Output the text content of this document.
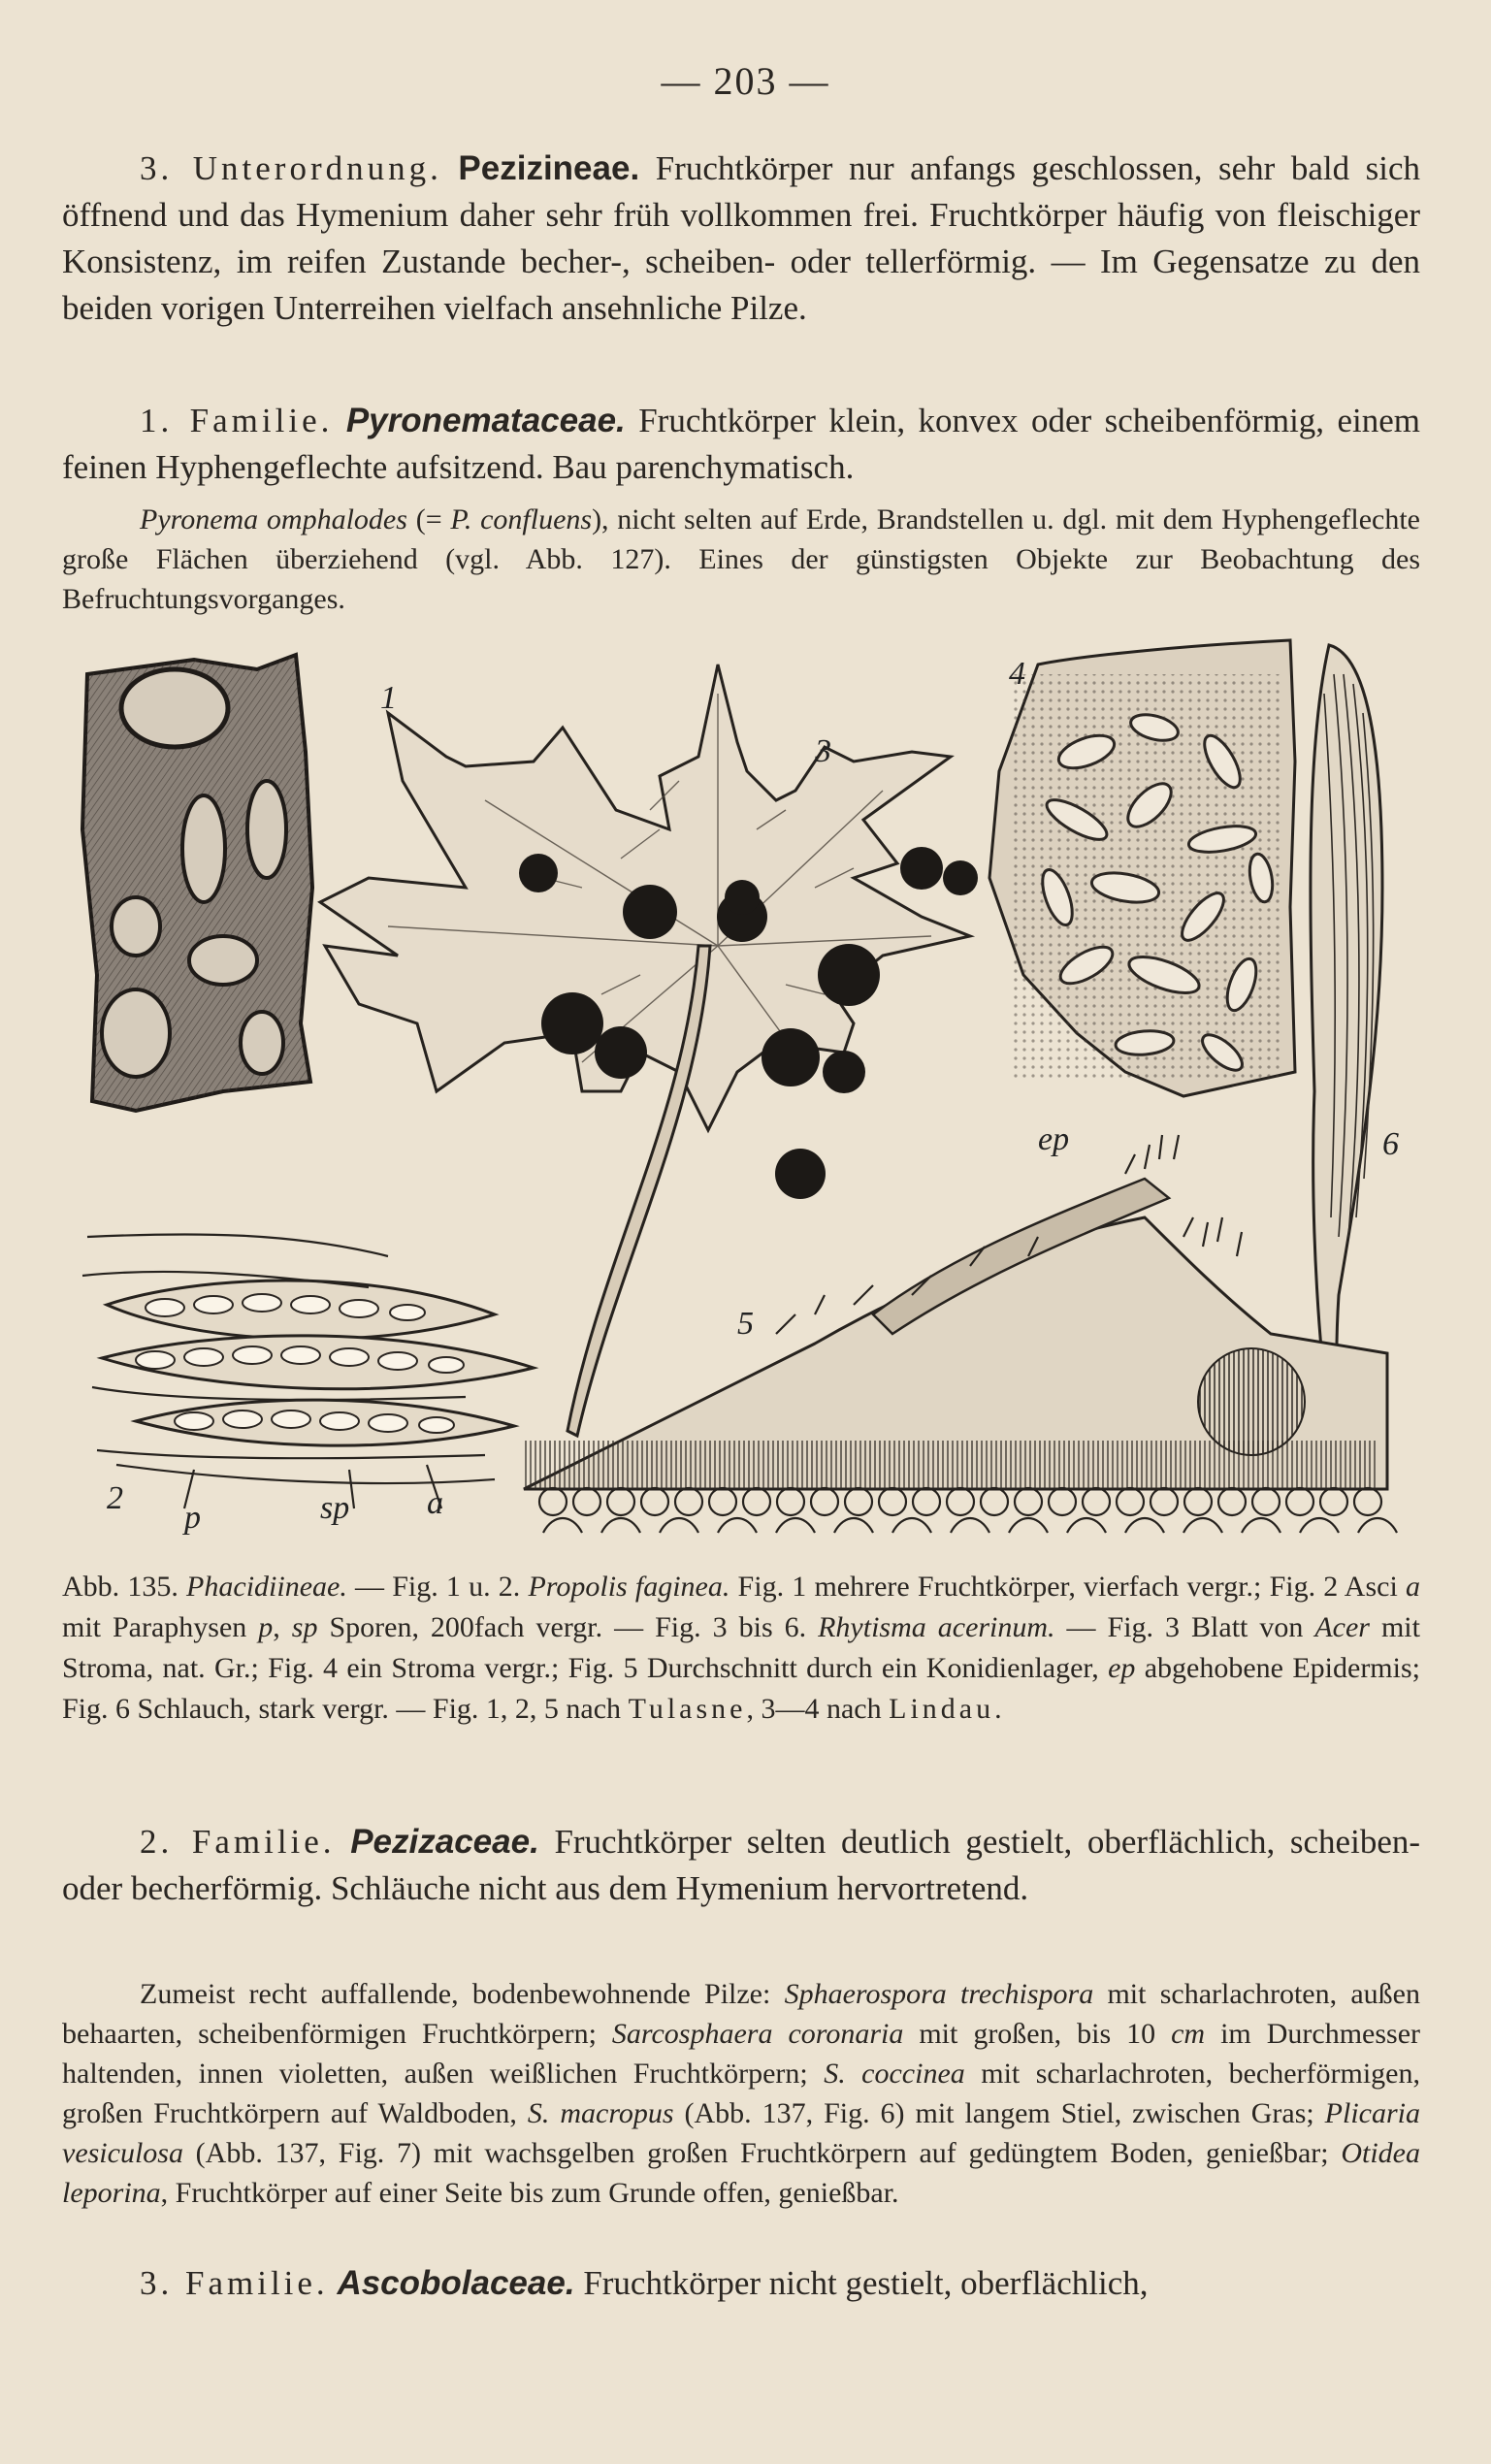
— 203 —
3. Unterordnung. Pezizineae. Fruchtkörper nur anfangs geschlossen, sehr bald sich öffnend und das Hymenium daher sehr früh vollkommen frei. Fruchtkörper häufig von fleischiger Konsistenz, im reifen Zustande becher-, scheiben- oder tellerförmig. — Im Gegensatze zu den beiden vorigen Unterreihen vielfach ansehnliche Pilze.
1. Familie. Pyronemataceae. Fruchtkörper klein, konvex oder scheibenförmig, einem feinen Hyphengeflechte aufsitzend. Bau parenchymatisch.
Pyronema omphalodes (= P. confluens), nicht selten auf Erde, Brandstellen u. dgl. mit dem Hyphengeflechte große Flächen überziehend (vgl. Abb. 127). Eines der günstigsten Objekte zur Beobachtung des Befruchtungsvorganges.
1
3
4
6
2
p	sp a
5
ep
Abb. 135. Phacidiineae. — Fig. 1 u. 2. Propolis faginea. Fig. 1 mehrere Fruchtkörper, vierfach vergr.; Fig. 2 Asci a mit Paraphysen p, sp Sporen, 200fach vergr. — Fig. 3 bis 6. Rhytisma acerinum. — Fig. 3 Blatt von Acer mit Stroma, nat. Gr.; Fig. 4 ein Stroma vergr.; Fig. 5 Durchschnitt durch ein Konidienlager, ep abgehobene Epidermis; Fig. 6 Schlauch, stark vergr. — Fig. 1, 2, 5 nach Tulasne, 3—4 nach Lindau.
2. Familie. Pezizaceae. Fruchtkörper selten deutlich gestielt, oberflächlich, scheiben- oder becherförmig. Schläuche nicht aus dem Hymenium hervortretend.
Zumeist recht auffallende, bodenbewohnende Pilze: Sphaerospora trechispora mit scharlachroten, außen behaarten, scheibenförmigen Fruchtkörpern; Sarcosphaera coronaria mit großen, bis 10 cm im Durchmesser haltenden, innen violetten, außen weißlichen Fruchtkörpern; S. coccinea mit scharlachroten, becherförmigen, großen Fruchtkörpern auf Waldboden, S. macropus (Abb. 137, Fig. 6) mit langem Stiel, zwischen Gras; Plicaria vesiculosa (Abb. 137, Fig. 7) mit wachsgelben großen Fruchtkörpern auf gedüngtem Boden, genießbar; Otidea leporina, Fruchtkörper auf einer Seite bis zum Grunde offen, genießbar.
3. Familie. Ascobolaceae. Fruchtkörper nicht gestielt, oberflächlich,
